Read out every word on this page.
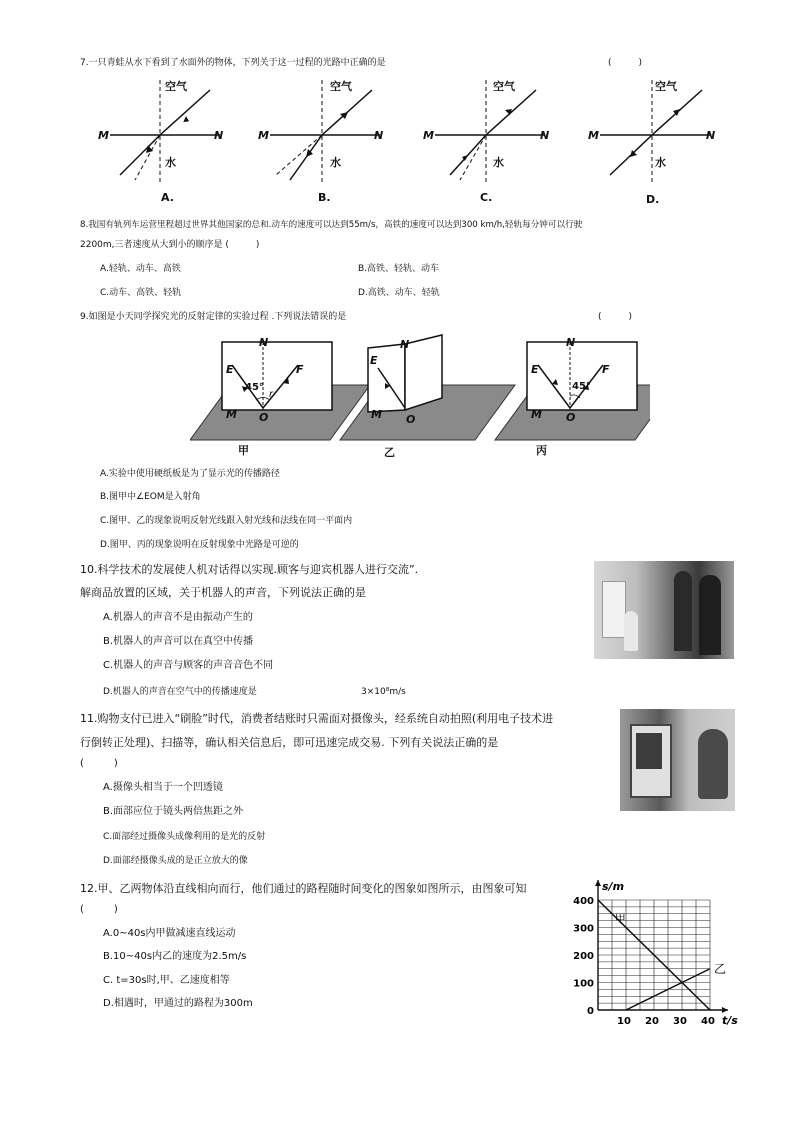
7.一只青蛙从水下看到了水面外的物体，下列关于这一过程的光路中正确的是	(　　　)
空气
水
M	N
A.
空气
水
M	N
B.
空气
水
M	N
C.
空气
水
M	N
D.
8.我国有轨列车运营里程超过世界其他国家的总和.动车的速度可以达到55m/s，高铁的速度可以达到300 km/h,轻轨每分钟可以行驶
2200m,三者速度从大到小的顺序是 (　　　)
A.轻轨、动车、高铁	B.高铁、轻轨、动车
C.动车、高铁、轻轨	D.高铁、动车、轻轨
9.如图是小天同学探究光的反射定律的实验过程 .下列说法错误的是	(　　　)
E
N
F
45°
r
M O
甲
E
N
M O
乙
E
N
F
45°
M O
丙
A.实验中使用硬纸板是为了显示光的传播路径
B.图甲中∠EOM是入射角
C.图甲、乙的现象说明反射光线跟入射光线和法线在同一平面内
D.图甲、丙的现象说明在反射现象中光路是可逆的
10.科学技术的发展使人机对话得以实现.顾客与迎宾机器人进行交流”.
解商品放置的区域，关于机器人的声音，下列说法正确的是
A.机器人的声音不是由振动产生的
B.机器人的声音可以在真空中传播
C.机器人的声音与顾客的声音音色不同
D.机器人的声音在空气中的传播速度是	3×10⁸m/s
11.购物支付已进入“刷脸”时代，消费者结账时只需面对摄像头，经系统自动拍照(利用电子技术进
行倒转正处理)、扫描等，确认相关信息后，即可迅速完成交易. 下列有关说法正确的是
(　　　)
A.摄像头相当于一个凹透镜
B.面部应位于镜头两倍焦距之外
C.面部经过摄像头成像利用的是光的反射
D.面部经摄像头成的是正立放大的像
12.甲、乙两物体沿直线相向而行，他们通过的路程随时间变化的图象如图所示，由图象可知
(　　　)
A.0~40s内甲做减速直线运动
B.10~40s内乙的速度为2.5m/s
C. t=30s时,甲、乙速度相等
D.相遇时，甲通过的路程为300m
甲
乙
0
100
200
300
400
10 20 30 40
s/m
t/s
